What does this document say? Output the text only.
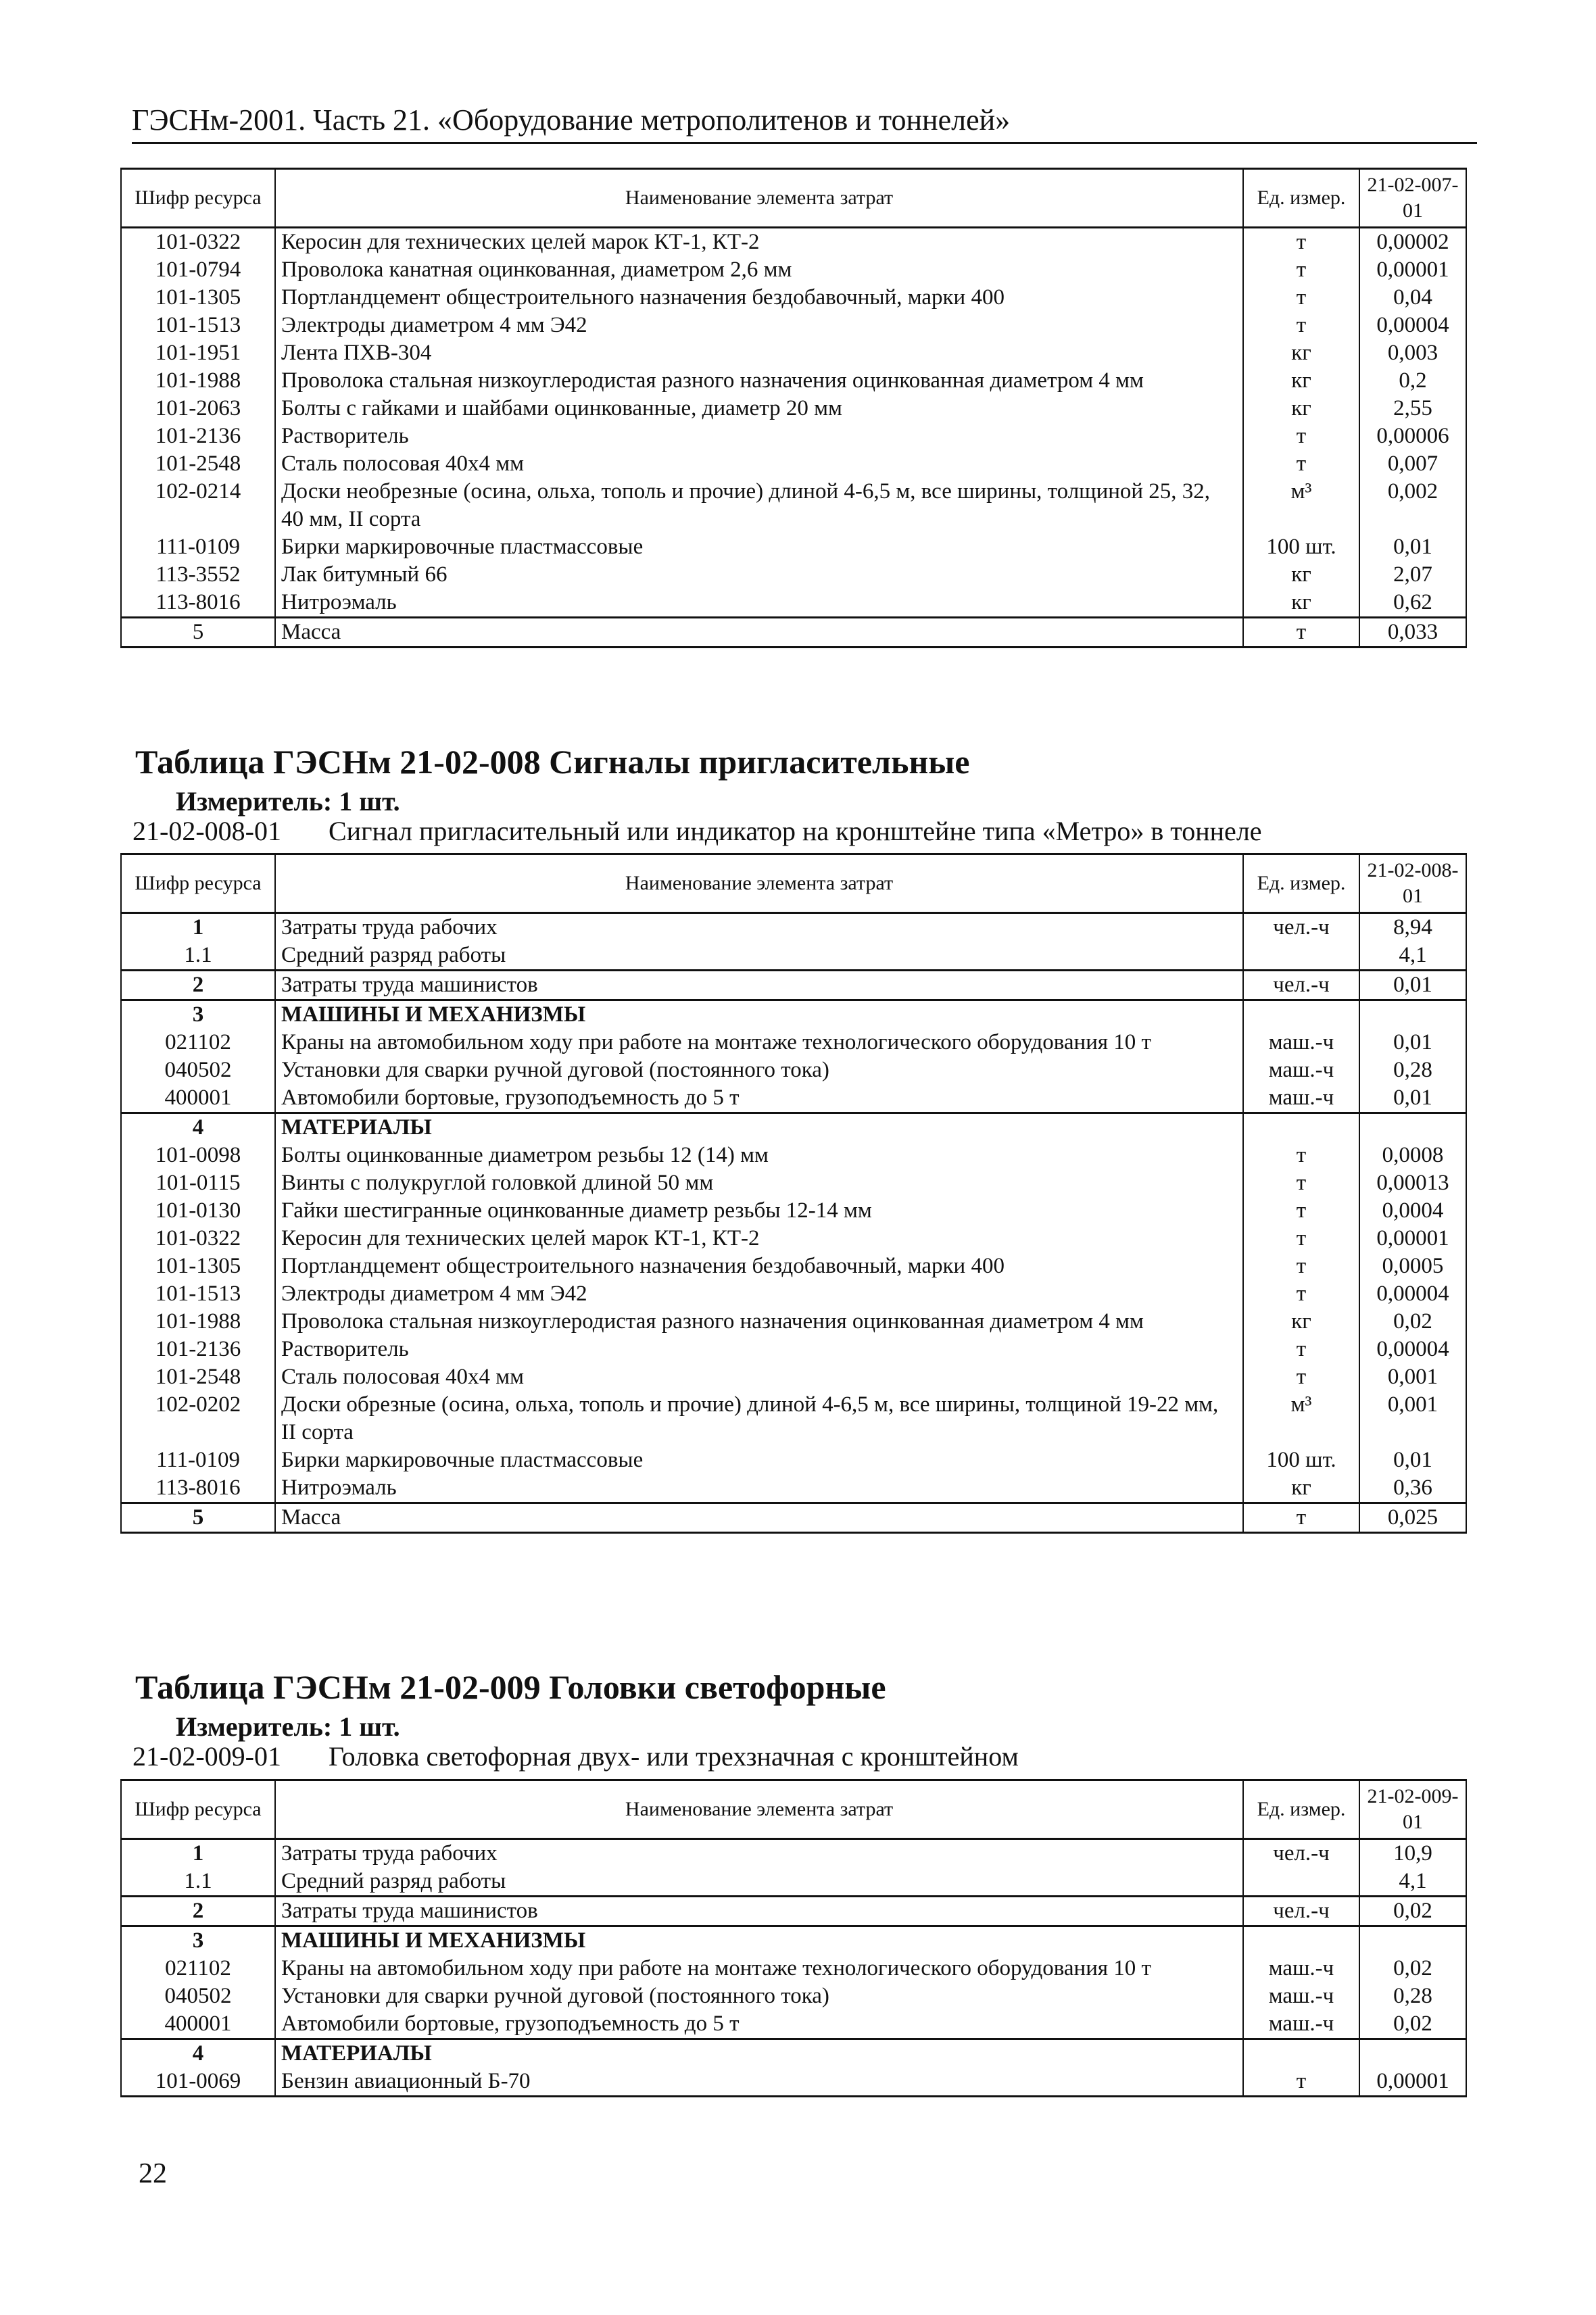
ГЭСНм-2001. Часть 21. «Оборудование метрополитенов и тоннелей»
Шифр ресурса	Наименование элемента затрат	Ед. измер.	21-02-007-01
101-0322	Керосин для технических целей марок КТ-1, КТ-2	т	0,00002
101-0794	Проволока канатная оцинкованная, диаметром 2,6 мм	т	0,00001
101-1305	Портландцемент общестроительного назначения бездобавочный, марки 400	т	0,04
101-1513	Электроды диаметром 4 мм Э42	т	0,00004
101-1951	Лента ПХВ-304	кг	0,003
101-1988	Проволока стальная низкоуглеродистая разного назначения оцинкованная диаметром 4 мм	кг	0,2
101-2063	Болты с гайками и шайбами оцинкованные, диаметр 20 мм	кг	2,55
101-2136	Растворитель	т	0,00006
101-2548	Сталь полосовая 40х4 мм	т	0,007
102-0214	Доски необрезные (осина, ольха, тополь и прочие) длиной 4-6,5 м, все ширины, толщиной 25, 32, 40 мм, II сорта	м³	0,002
111-0109	Бирки маркировочные пластмассовые	100 шт.	0,01
113-3552	Лак битумный 66	кг	2,07
113-8016	Нитроэмаль	кг	0,62
5	Масса	т	0,033
Таблица ГЭСНм 21-02-008 Сигналы пригласительные
Измеритель: 1 шт.
21-02-008-01 Сигнал пригласительный или индикатор на кронштейне типа «Метро» в тоннеле
Шифр ресурса	Наименование элемента затрат	Ед. измер.	21-02-008-01
1	Затраты труда рабочих	чел.-ч	8,94
1.1	Средний разряд работы		4,1
2	Затраты труда машинистов	чел.-ч	0,01
3	МАШИНЫ И МЕХАНИЗМЫ		
021102	Краны на автомобильном ходу при работе на монтаже технологического оборудования 10 т	маш.-ч	0,01
040502	Установки для сварки ручной дуговой (постоянного тока)	маш.-ч	0,28
400001	Автомобили бортовые, грузоподъемность до 5 т	маш.-ч	0,01
4	МАТЕРИАЛЫ		
101-0098	Болты оцинкованные диаметром резьбы 12 (14) мм	т	0,0008
101-0115	Винты с полукруглой головкой длиной 50 мм	т	0,00013
101-0130	Гайки шестигранные оцинкованные диаметр резьбы 12-14 мм	т	0,0004
101-0322	Керосин для технических целей марок КТ-1, КТ-2	т	0,00001
101-1305	Портландцемент общестроительного назначения бездобавочный, марки 400	т	0,0005
101-1513	Электроды диаметром 4 мм Э42	т	0,00004
101-1988	Проволока стальная низкоуглеродистая разного назначения оцинкованная диаметром 4 мм	кг	0,02
101-2136	Растворитель	т	0,00004
101-2548	Сталь полосовая 40х4 мм	т	0,001
102-0202	Доски обрезные (осина, ольха, тополь и прочие) длиной 4-6,5 м, все ширины, толщиной 19-22 мм, II сорта	м³	0,001
111-0109	Бирки маркировочные пластмассовые	100 шт.	0,01
113-8016	Нитроэмаль	кг	0,36
5	Масса	т	0,025
Таблица ГЭСНм 21-02-009 Головки светофорные
Измеритель: 1 шт.
21-02-009-01 Головка светофорная двух- или трехзначная с кронштейном
Шифр ресурса	Наименование элемента затрат	Ед. измер.	21-02-009-01
1	Затраты труда рабочих	чел.-ч	10,9
1.1	Средний разряд работы		4,1
2	Затраты труда машинистов	чел.-ч	0,02
3	МАШИНЫ И МЕХАНИЗМЫ		
021102	Краны на автомобильном ходу при работе на монтаже технологического оборудования 10 т	маш.-ч	0,02
040502	Установки для сварки ручной дуговой (постоянного тока)	маш.-ч	0,28
400001	Автомобили бортовые, грузоподъемность до 5 т	маш.-ч	0,02
4	МАТЕРИАЛЫ		
101-0069	Бензин авиационный Б-70	т	0,00001
22
